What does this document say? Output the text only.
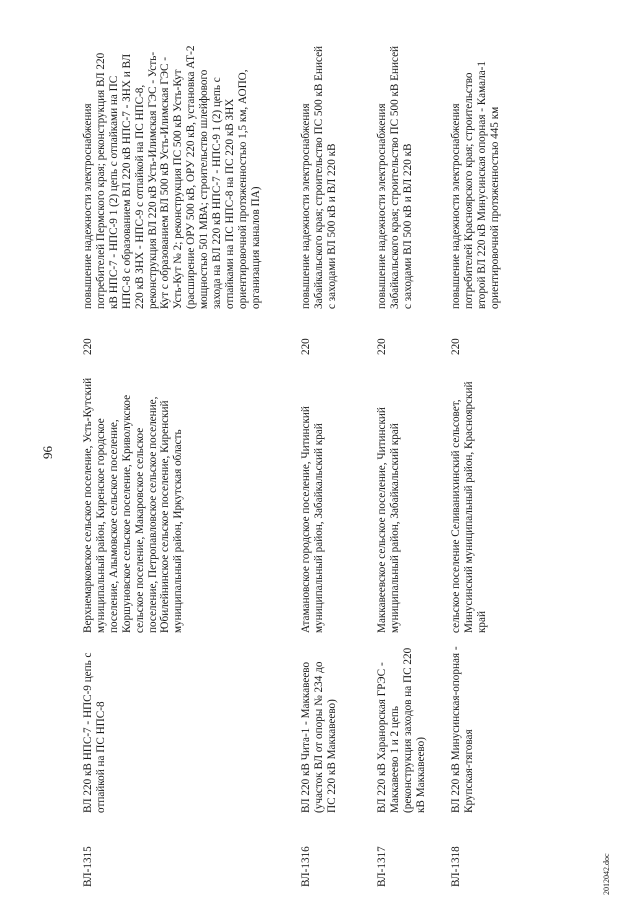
96
ВЛ-1315
ВЛ 220 кВ НПС-7 - НПС-9 цепь с отпайкой на ПС НПС-8
Верхнемарковское сельское поселение, Усть-Кутский муниципальный район, Киренское городское поселение, Алымовское сельское поселение, Коршуновское сельское поселение, Криволукское сельское поселение, Макаровское сельское поселение, Петропавловское сельское поселение, Юбилейнинское сельское поселение, Киренский муниципальный район, Иркутская область
220
повышение надежности электроснабжения потребителей Пермского края; реконструкция ВЛ 220 кВ НПС-7 - НПС-9 1 (2) цепь с отпайками на ПС НПС-8 с образованием ВЛ 220 кВ НПС-7 - ЗНХ и ВЛ 220 кВ ЗНХ - НПС-9 с отпайкой на ПС НПС-8, реконструкция ВЛ 220 кВ Усть-Илимская ГЭС - Усть-Кут с образованием ВЛ 500 кВ Усть-Илимская ГЭС - Усть-Кут № 2; реконструкция ПС 500 кВ Усть-Кут (расширение ОРУ 500 кВ, ОРУ 220 кВ, установка АТ-2 мощностью 501 МВА; строительство шлейфового захода на ВЛ 220 кВ НПС-7 - НПС-9 1 (2) цепь с отпайками на ПС НПС-8 на ПС 220 кВ ЗНХ ориентировочной протяженностью 1,5 км, АОПО, организация каналов ПА)
ВЛ-1316
ВЛ 220 кВ Чита-1 - Маккавеево (участок ВЛ от опоры № 234 до ПС 220 кВ Маккавеево)
Атамановское городское поселение, Читинский муниципальный район, Забайкальский край
220
повышение надежности электроснабжения Забайкальского края; строительство ПС 500 кВ Енисей с заходами ВЛ 500 кВ и ВЛ 220 кВ
ВЛ-1317
ВЛ 220 кВ Харанорская ГРЭС - Маккавеево 1 и 2 цепь (реконструкция заходов на ПС 220 кВ Маккавеево)
Маккавеевское сельское поселение, Читинский муниципальный район, Забайкальский край
220
повышение надежности электроснабжения Забайкальского края; строительство ПС 500 кВ Енисей с заходами ВЛ 500 кВ и ВЛ 220 кВ
ВЛ-1318
ВЛ 220 кВ Минусинская-опорная - Крупская-тяговая
сельское поселение Селиванихинский сельсовет, Минусинский муниципальный район, Красноярский край
220
повышение надежности электроснабжения потребителей Красноярского края; строительство второй ВЛ 220 кВ Минусинская опорная - Камала-1 ориентировочной протяженностью 445 км
2012042.doc
